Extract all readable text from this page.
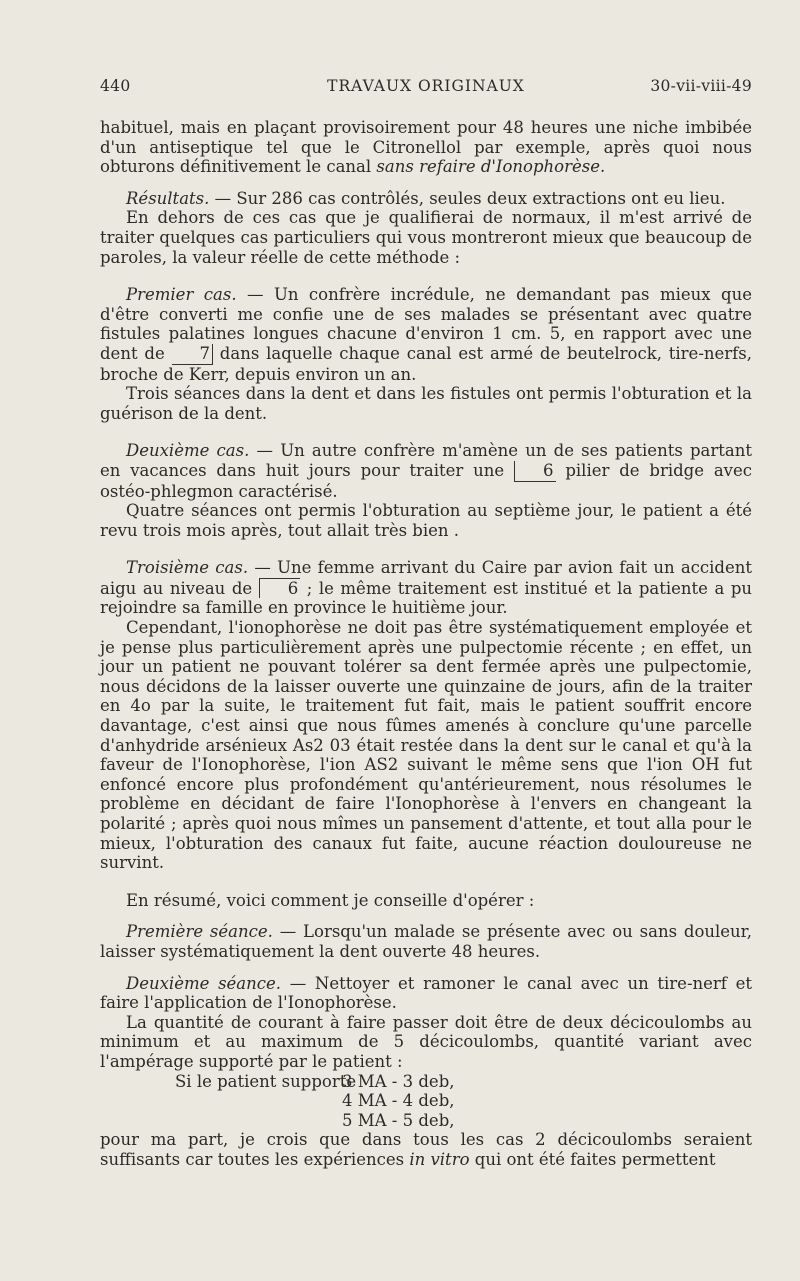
440	TRAVAUX ORIGINAUX	30-vii-viii-49

habituel, mais en plaçant provisoirement pour 48 heures une niche imbibée d'un antiseptique tel que le Citronellol par exemple, après quoi nous obturons définitivement le canal sans refaire d'Ionophorèse.

Résultats. — Sur 286 cas contrôlés, seules deux extractions ont eu lieu.

En dehors de ces cas que je qualifierai de normaux, il m'est arrivé de traiter quelques cas particuliers qui vous montreront mieux que beaucoup de paroles, la valeur réelle de cette méthode :

Premier cas. — Un confrère incrédule, ne demandant pas mieux que d'être converti me confie une de ses malades se présentant avec quatre fistules palatines longues chacune d'environ 1 cm. 5, en rapport avec une dent de 7 dans laquelle chaque canal est armé de beutelrock, tire-nerfs, broche de Kerr, depuis environ un an.

Trois séances dans la dent et dans les fistules ont permis l'obturation et la guérison de la dent.

Deuxième cas. — Un autre confrère m'amène un de ses patients partant en vacances dans huit jours pour traiter une 6 pilier de bridge avec ostéo-phlegmon caractérisé.

Quatre séances ont permis l'obturation au septième jour, le patient a été revu trois mois après, tout allait très bien .

Troisième cas. — Une femme arrivant du Caire par avion fait un accident aigu au niveau de 6 ; le même traitement est institué et la patiente a pu rejoindre sa famille en province le huitième jour.

Cependant, l'ionophorèse ne doit pas être systématiquement employée et je pense plus particulièrement après une pulpectomie récente ; en effet, un jour un patient ne pouvant tolérer sa dent fermée après une pulpectomie, nous décidons de la laisser ouverte une quinzaine de jours, afin de la traiter en 4o par la suite, le traitement fut fait, mais le patient souffrit encore davantage, c'est ainsi que nous fûmes amenés à conclure qu'une parcelle d'anhydride arsénieux As2 03 était restée dans la dent sur le canal et qu'à la faveur de l'Ionophorèse, l'ion AS2 suivant le même sens que l'ion OH fut enfoncé encore plus profondément qu'antérieurement, nous résolumes le problème en décidant de faire l'Ionophorèse à l'envers en changeant la polarité ; après quoi nous mîmes un pansement d'attente, et tout alla pour le mieux, l'obturation des canaux fut faite, aucune réaction douloureuse ne survint.

En résumé, voici comment je conseille d'opérer :

Première séance. — Lorsqu'un malade se présente avec ou sans douleur, laisser systématiquement la dent ouverte 48 heures.

Deuxième séance. — Nettoyer et ramoner le canal avec un tire-nerf et faire l'application de l'Ionophorèse.

La quantité de courant à faire passer doit être de deux décicoulombs au minimum et au maximum de 5 décicoulombs, quantité variant avec l'ampérage supporté par le patient :

Si le patient supporte
3 MA - 3 deb,
4 MA - 4 deb,
5 MA - 5 deb,

pour ma part, je crois que dans tous les cas 2 décicoulombs seraient suffisants car toutes les expériences in vitro qui ont été faites permettent
